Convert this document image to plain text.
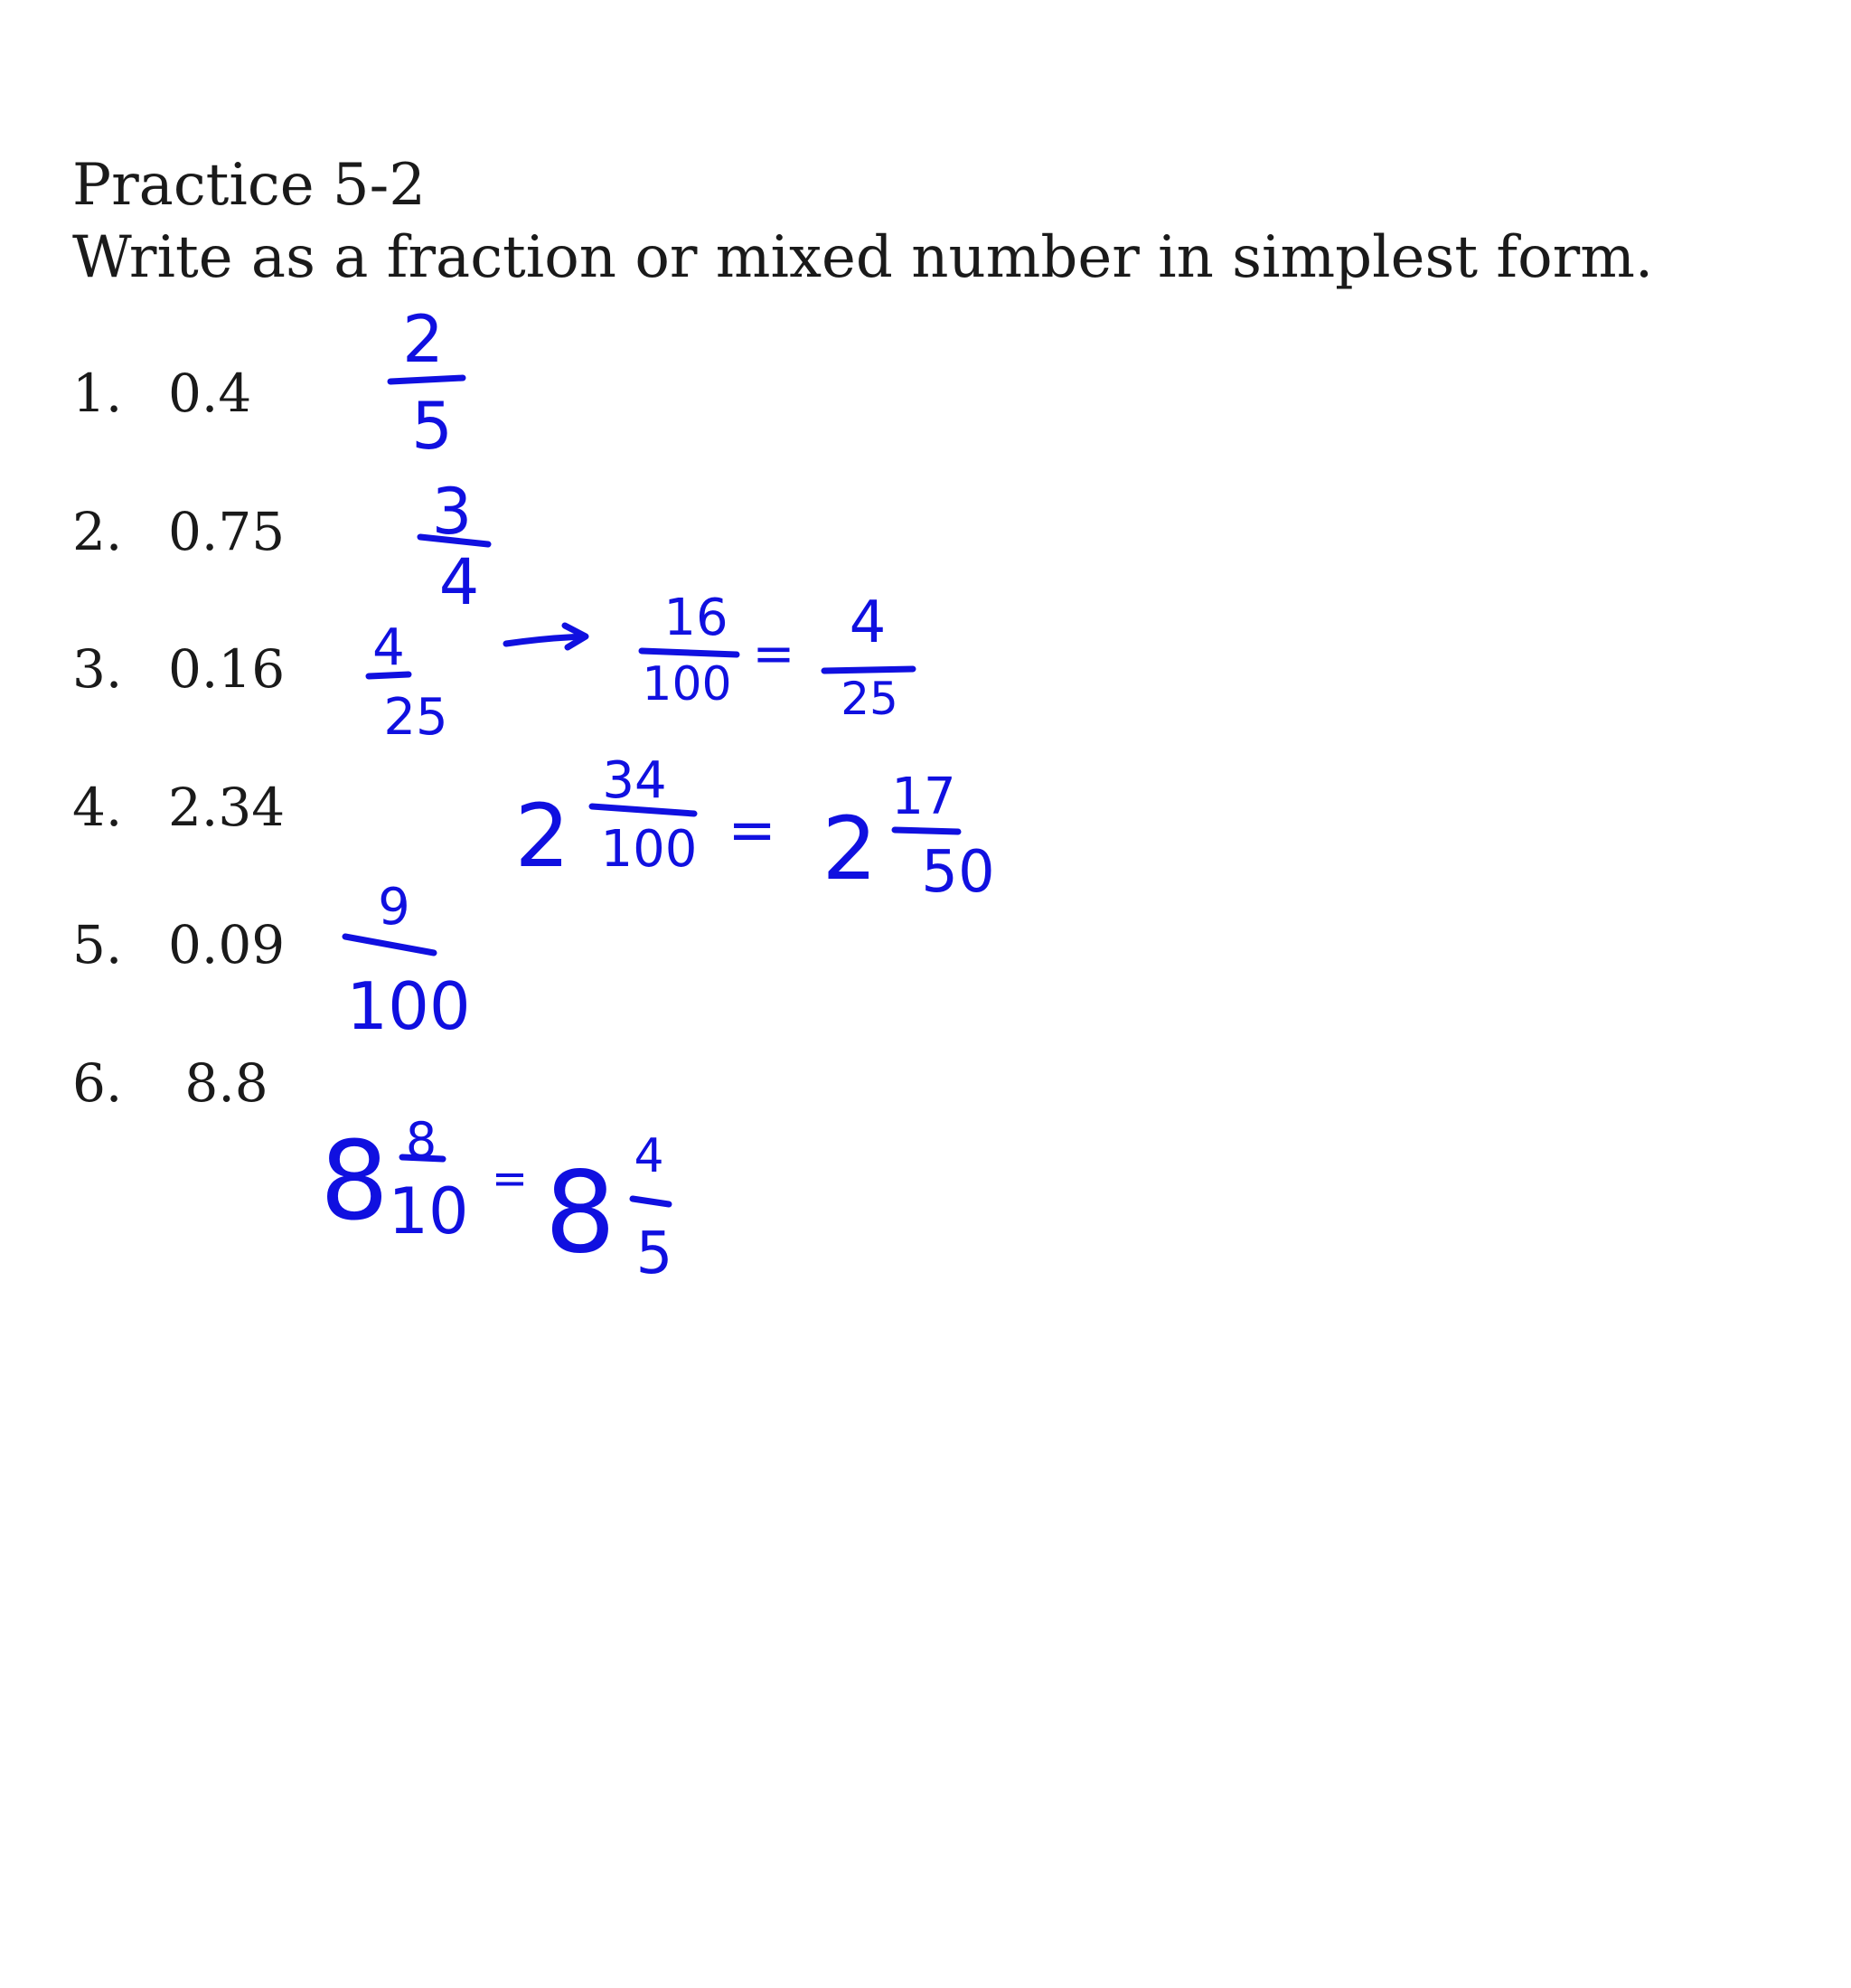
Practice 5-2
Write as a fraction or mixed number in simplest form.
1. 0.4
2. 0.75
3. 0.16
4. 2.34
5. 0.09
6. 8.8
2
5
3
4
4
25
16
100
= 4
25
2
34
100 = 2
17
50
9
100
8 8
10 = 8 4
5
